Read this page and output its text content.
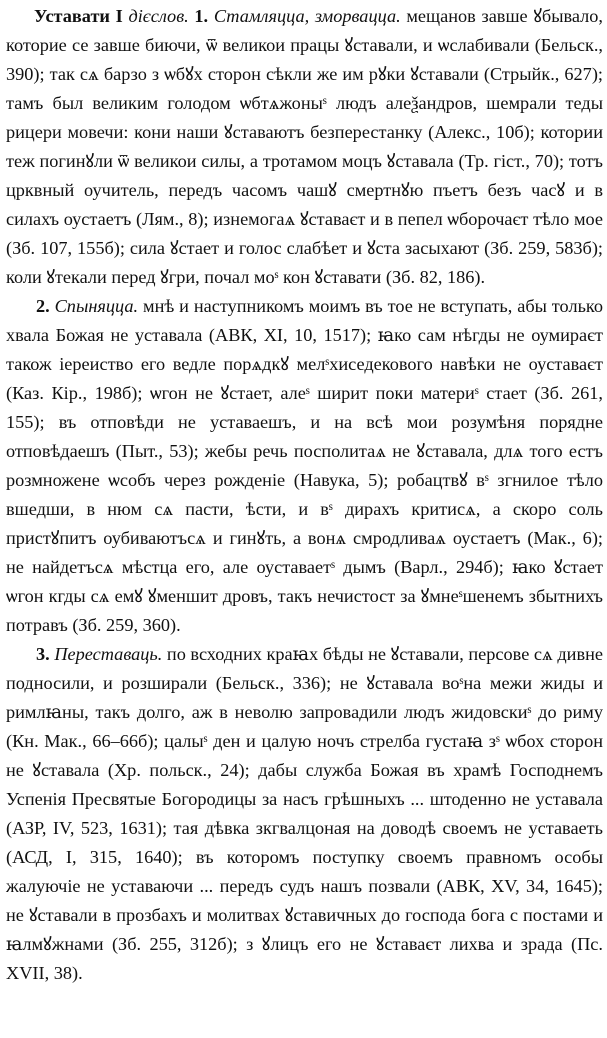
Уставати I дієслов. 1. Стамляцца, зморвацца. мещанов завше ꙋбывало, которие се завше биючи, ѿ великои працы ꙋставали, и ѡслабивали (Бельск., 390); так сѧ барзо з ѡбꙋх сторон сѣкли же им рꙋки ꙋставали (Стрыйк., 627); тамъ был великим голодом ѡбтѧжоныˢ людъ алеѯандров, шемрали теды рицери мовечи: кони наши ꙋставаютъ безперестанку (Алекс., 10б); котории теж погинꙋли ѿ великои силы, а тротамом моцъ ꙋставала (Тр. гіст., 70); тотъ црквный оучитель, передъ часомъ чашꙋ смертнꙋю пъетъ безъ часꙋ и в силахъ оустаетъ (Лям., 8); изнемогаѧ ꙋставаєт и в пепел ѡборочаєт тѣло мое (Зб. 107, 155б); сила ꙋстает и голос слабѣет и ꙋста засыхают (Зб. 259, 583б); коли ꙋтекали перед ꙋгри, почал мoˢ кон ꙋставати (Зб. 82, 186).

2. Спыняцца. мнѣ и наступникомъ моимъ въ тое не вступать, абы только хвала Божая не уставала (АВК, XI, 10, 1517); ꙗко сам нѣгды не оумираєт також іереиство его ведле порѧдкꙋ мелˢхиседекового навѣки не оуставаєт (Каз. Кір., 198б); ѡгон не ꙋстает, алеˢ ширит поки материˢ стает (Зб. 261, 155); въ отповѣди не уставаешъ, и на всѣ мои розумѣня порядне отповѣдаешъ (Пыт., 53); жебы речь посполитаѧ не ꙋставала, длѧ того естъ розмножене ѡсобъ черeз рожденіе (Навука, 5); робацтвꙋ вˢ згнилое тѣло вшедши, в нюм сѧ пасти, ѣсти, и вˢ дирахъ критисѧ, а скоро соль пристꙋпитъ оубиваютъсѧ и гинꙋть, а вонѧ смродливаѧ оустаетъ (Мак., 6); не найдетъсѧ мѣстца его, але оуставаетˢ дымъ (Варл., 294б); ꙗко ꙋстает ѡгон кгды сѧ емꙋ ꙋменшит дровъ, такъ нечистост за ꙋмнеˢшенемъ збытнихъ потравъ (Зб. 259, 360).

3. Переставаць. по всходних краꙗх бѣды не ꙋставали, персове сѧ дивне подносили, и розширали (Бельск., 336); не ꙋставала воˢна межи жиды и римлꙗны, такъ долго, аж в неволю запровадили людъ жидовскиˢ до риму (Кн. Мак., 66–66б); цалыˢ ден и цалую ночъ стрелба густаꙗ зˢ ѡбох сторон не ꙋставала (Хр. польск., 24); дабы служба Божая въ храмѣ Господнемъ Успенія Пресвятые Богородицы за насъ грѣшныхъ ... штоденно не уставала (АЗР, IV, 523, 1631); тая дѣвка зкгвалцоная на доводѣ своемъ не уставаеть (АСД, I, 315, 1640); въ которомъ поступку своемъ правномъ особы жалуючіе не уставаючи ... передъ судъ нашъ позвали (АВК, XV, 34, 1645); не ꙋставали в прозбахъ и молитвах ꙋставичных до господа бога с постами и ꙗлмꙋжнами (Зб. 255, 312б); з ꙋлицъ его не ꙋставаєт лихва и зрада (Пс. XVII, 38).
